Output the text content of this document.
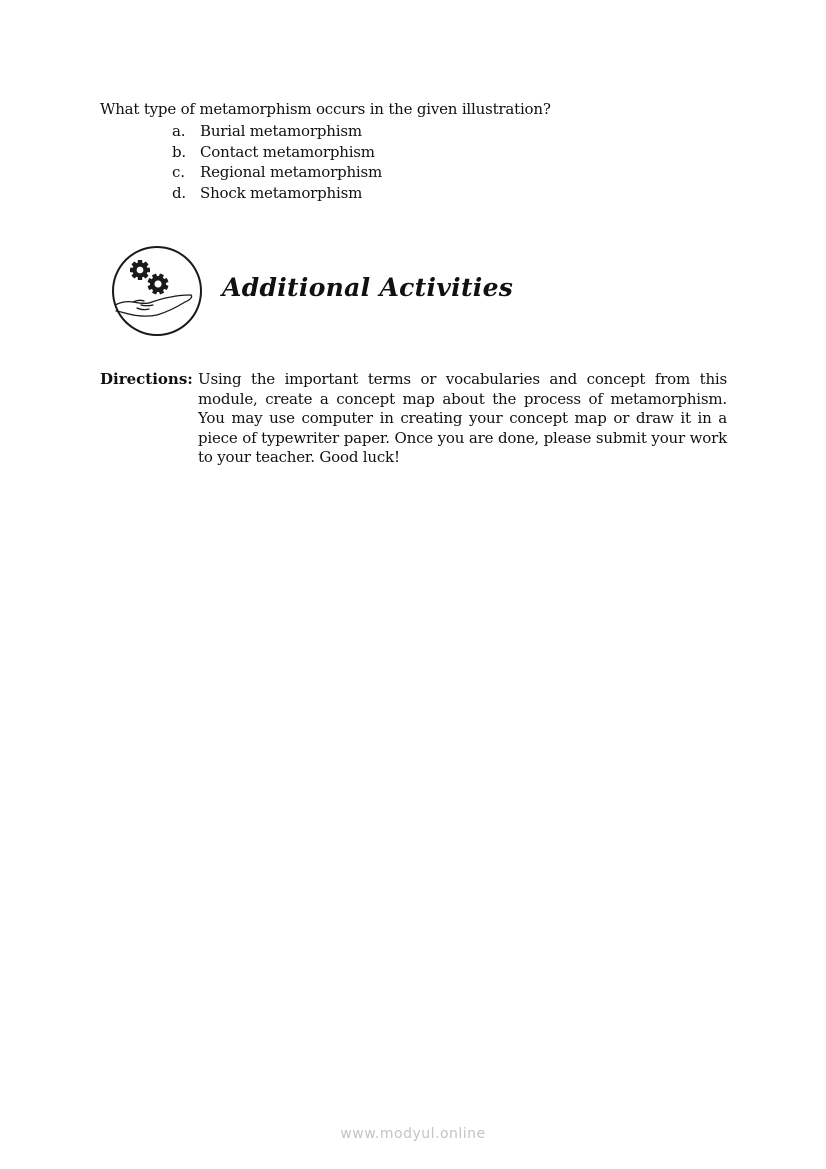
What type of metamorphism occurs in the given illustration?
a. Burial metamorphism
b. Contact metamorphism
c. Regional metamorphism
d. Shock metamorphism
Additional Activities
Directions: Using the important terms or vocabularies and concept from this module, create a concept map about the process of metamorphism. You may use computer in creating your concept map or draw it in a piece of typewriter paper. Once you are done, please submit your work to your teacher. Good luck!

www.modyul.online
